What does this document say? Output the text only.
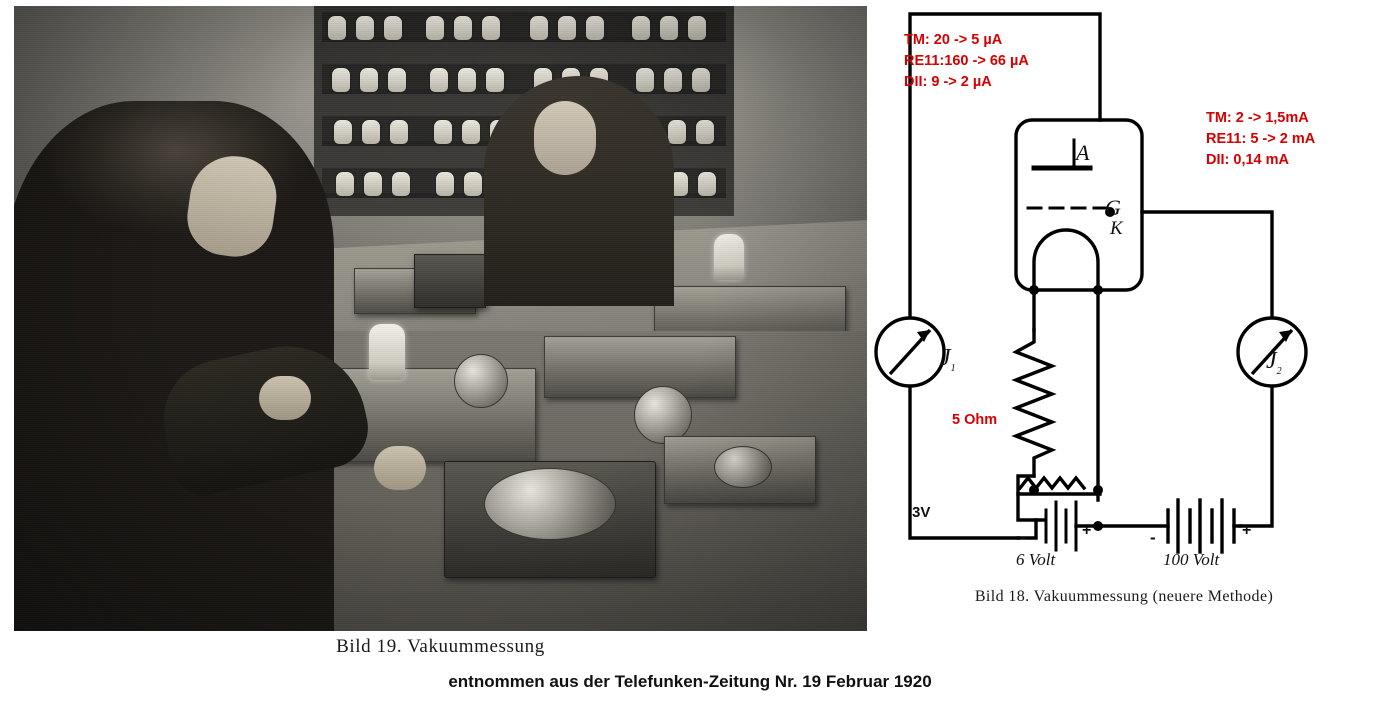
Bild 19. Vakuummessung
TM: 20 -> 5 µA
RE11:160 -> 66 µA
DII: 9 -> 2 µA
TM: 2 -> 1,5mA
RE11: 5 -> 2 mA
DII: 0,14 mA
A
G
K
$J_1$	$J_2$
5 Ohm
3V
6 Volt	100 Volt
-	+	-	+
Bild 18. Vakuummessung (neuere Methode)
entnommen aus der Telefunken-Zeitung Nr. 19 Februar 1920
